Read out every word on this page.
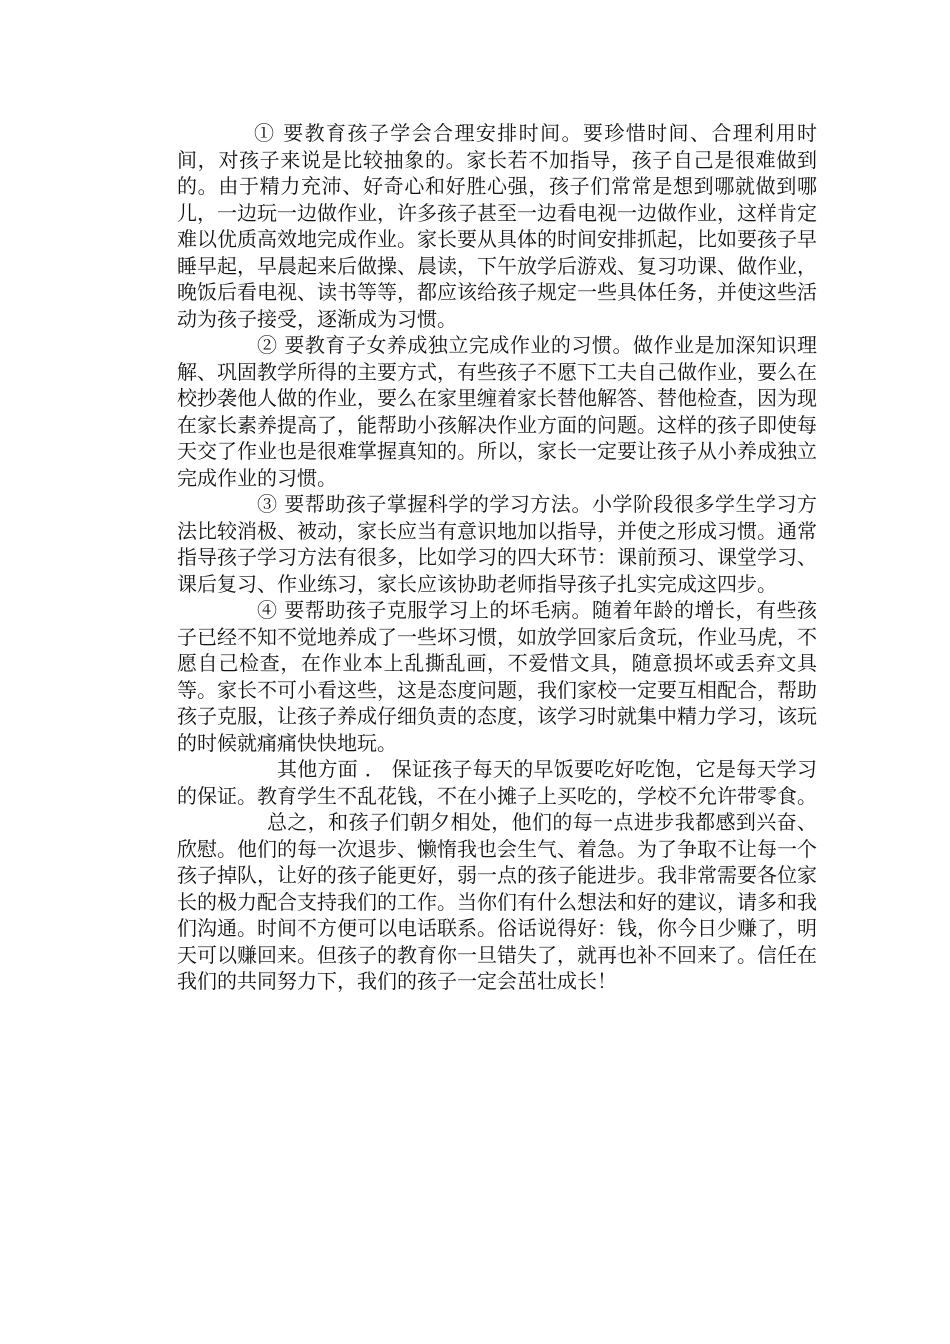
① 要教育孩子学会合理安排时间。要珍惜时间、合理利用时间，对孩子来说是比较抽象的。家长若不加指导，孩子自己是很难做到的。由于精力充沛、好奇心和好胜心强，孩子们常常是想到哪就做到哪儿，一边玩一边做作业，许多孩子甚至一边看电视一边做作业，这样肯定难以优质高效地完成作业。家长要从具体的时间安排抓起，比如要孩子早睡早起，早晨起来后做操、晨读，下午放学后游戏、复习功课、做作业，晚饭后看电视、读书等等，都应该给孩子规定一些具体任务，并使这些活动为孩子接受，逐渐成为习惯。

② 要教育子女养成独立完成作业的习惯。做作业是加深知识理解、巩固教学所得的主要方式，有些孩子不愿下工夫自己做作业，要么在校抄袭他人做的作业，要么在家里缠着家长替他解答、替他检查，因为现在家长素养提高了，能帮助小孩解决作业方面的问题。这样的孩子即使每天交了作业也是很难掌握真知的。所以，家长一定要让孩子从小养成独立完成作业的习惯。

③ 要帮助孩子掌握科学的学习方法。小学阶段很多学生学习方法比较消极、被动，家长应当有意识地加以指导，并使之形成习惯。通常指导孩子学习方法有很多，比如学习的四大环节：课前预习、课堂学习、课后复习、作业练习，家长应该协助老师指导孩子扎实完成这四步。

④ 要帮助孩子克服学习上的坏毛病。随着年龄的增长，有些孩子已经不知不觉地养成了一些坏习惯，如放学回家后贪玩，作业马虎，不愿自己检查，在作业本上乱撕乱画，不爱惜文具，随意损坏或丢弃文具等。家长不可小看这些，这是态度问题，我们家校一定要互相配合，帮助孩子克服，让孩子养成仔细负责的态度，该学习时就集中精力学习，该玩的时候就痛痛快快地玩。

其他方面 ． 保证孩子每天的早饭要吃好吃饱，它是每天学习的保证。教育学生不乱花钱，不在小摊子上买吃的，学校不允许带零食。

总之，和孩子们朝夕相处，他们的每一点进步我都感到兴奋、欣慰。他们的每一次退步、懒惰我也会生气、着急。为了争取不让每一个孩子掉队，让好的孩子能更好，弱一点的孩子能进步。我非常需要各位家长的极力配合支持我们的工作。当你们有什么想法和好的建议，请多和我们沟通。时间不方便可以电话联系。俗话说得好：钱，你今日少赚了，明天可以赚回来。但孩子的教育你一旦错失了，就再也补不回来了。信任在我们的共同努力下，我们的孩子一定会茁壮成长！
